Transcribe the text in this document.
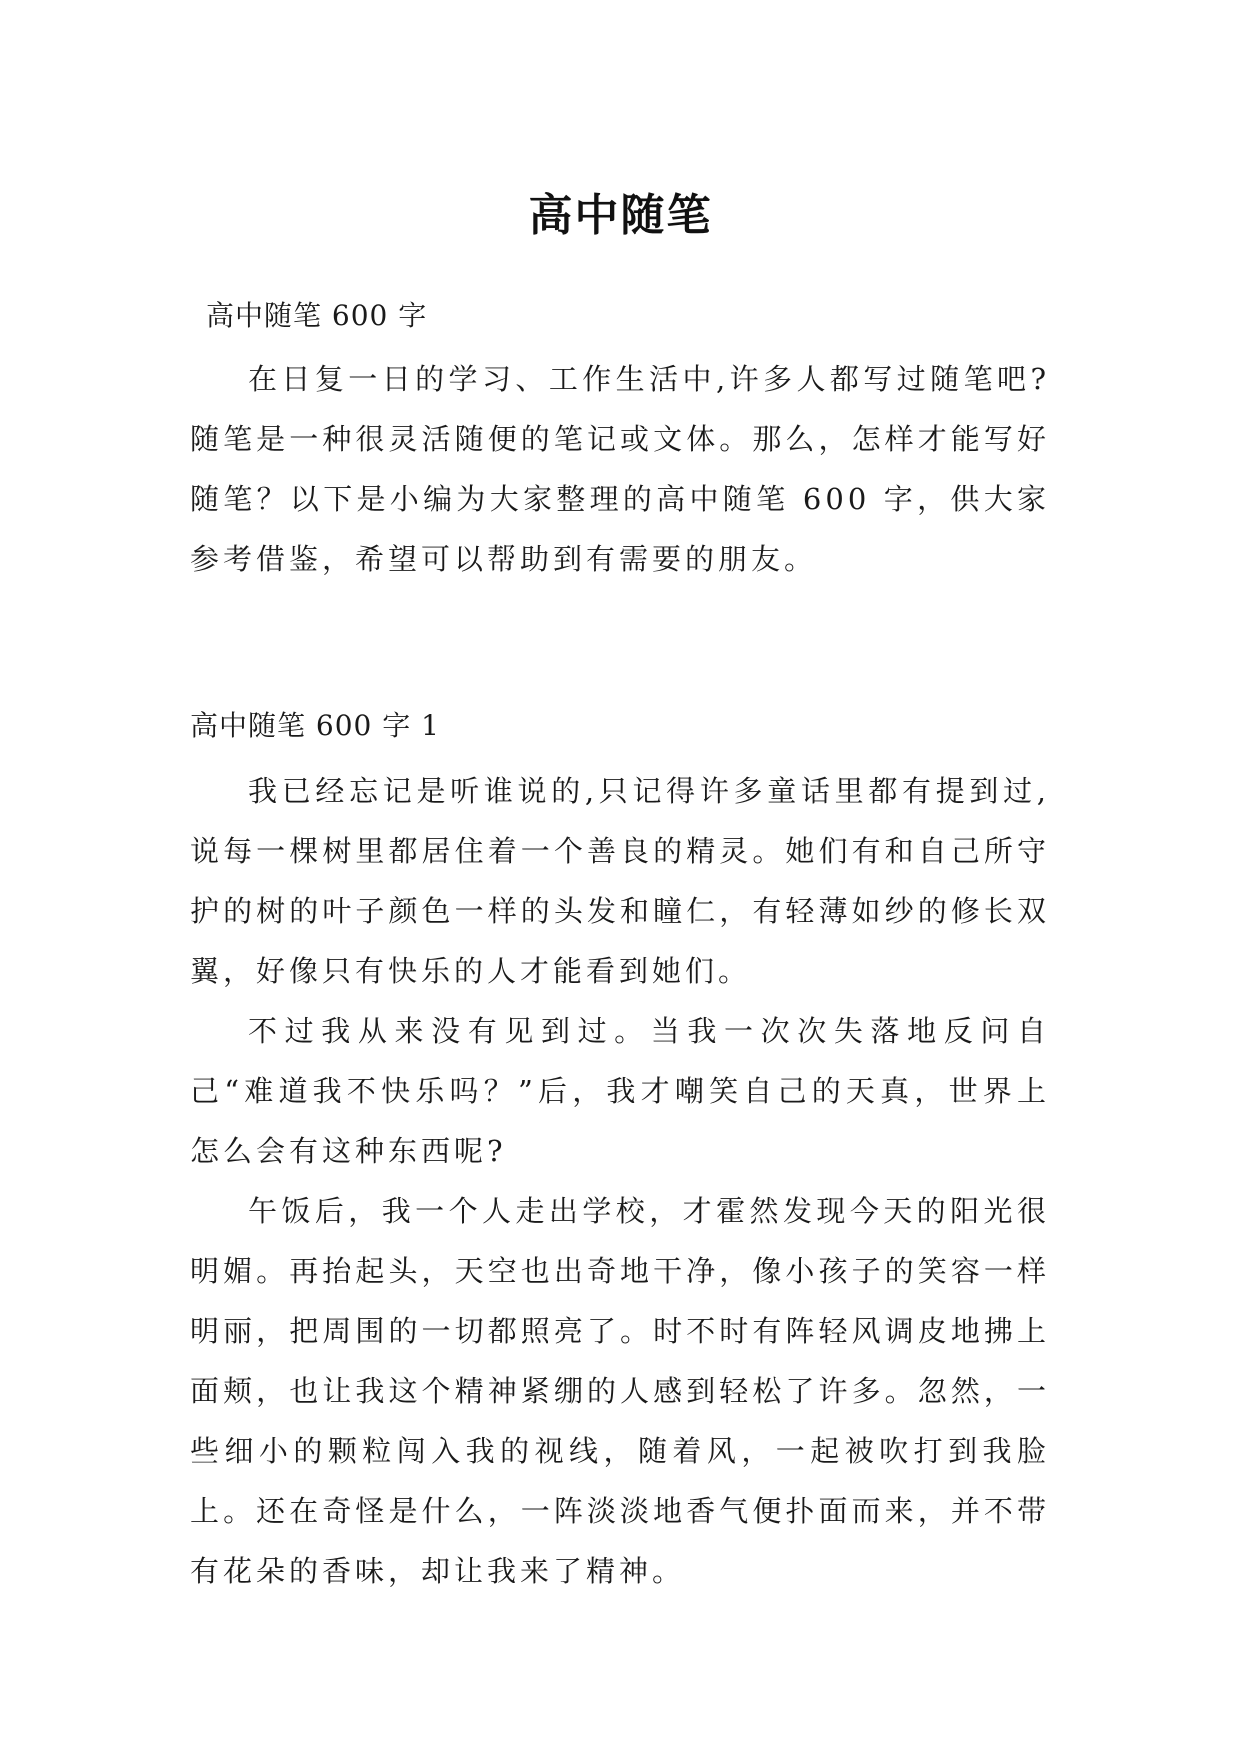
高中随笔

高中随笔 600 字

在日复一日的学习、工作生活中,许多人都写过随笔吧?随笔是一种很灵活随便的笔记或文体。那么，怎样才能写好随笔？以下是小编为大家整理的高中随笔 600 字，供大家参考借鉴，希望可以帮助到有需要的朋友。

高中随笔 600 字 1

我已经忘记是听谁说的,只记得许多童话里都有提到过,说每一棵树里都居住着一个善良的精灵。她们有和自己所守护的树的叶子颜色一样的头发和瞳仁，有轻薄如纱的修长双翼，好像只有快乐的人才能看到她们。

不过我从来没有见到过。当我一次次失落地反问自己“难道我不快乐吗？”后，我才嘲笑自己的天真，世界上怎么会有这种东西呢?

午饭后，我一个人走出学校，才霍然发现今天的阳光很明媚。再抬起头，天空也出奇地干净，像小孩子的笑容一样明丽，把周围的一切都照亮了。时不时有阵轻风调皮地拂上面颊，也让我这个精神紧绷的人感到轻松了许多。忽然，一些细小的颗粒闯入我的视线，随着风，一起被吹打到我脸上。还在奇怪是什么，一阵淡淡地香气便扑面而来，并不带有花朵的香味，却让我来了精神。
